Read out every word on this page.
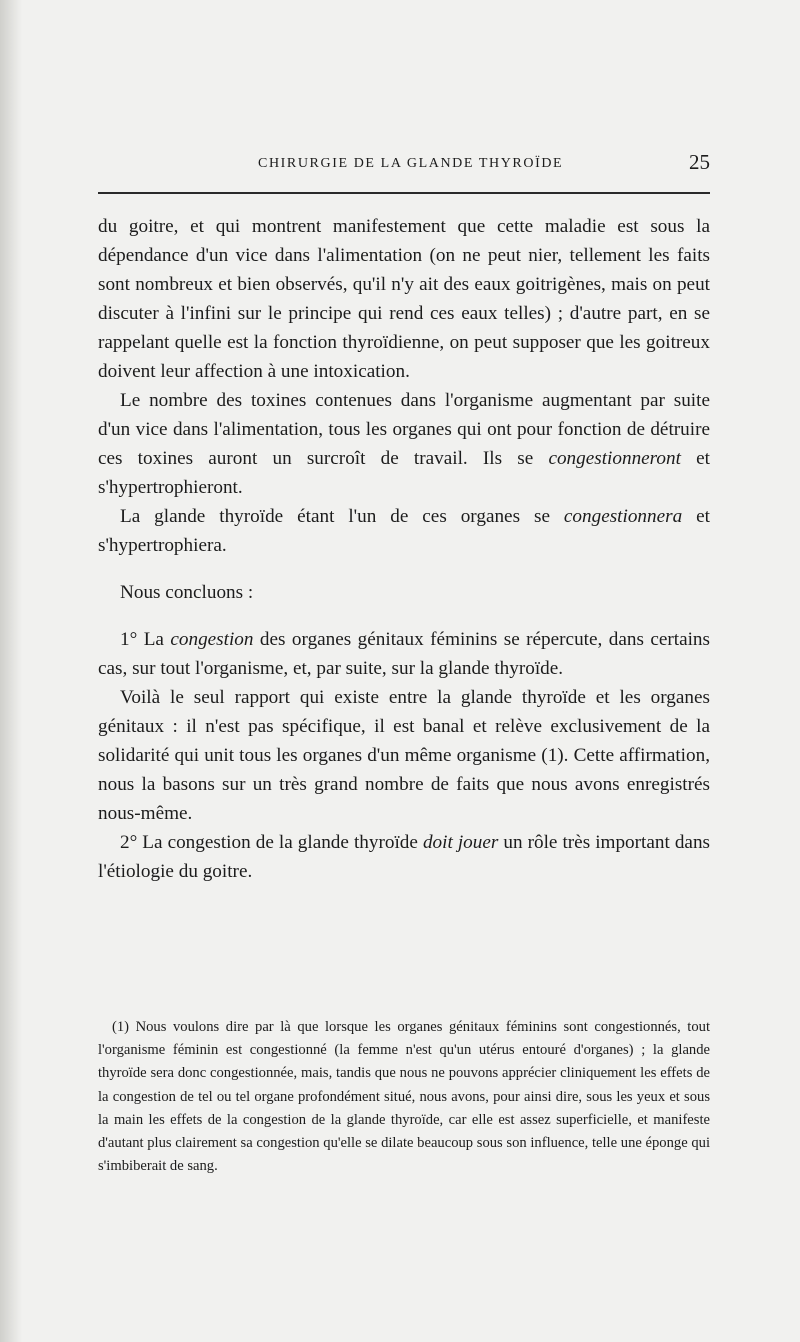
CHIRURGIE DE LA GLANDE THYROÏDE	25

du goitre, et qui montrent manifestement que cette maladie est sous la dépendance d'un vice dans l'alimentation (on ne peut nier, tellement les faits sont nombreux et bien observés, qu'il n'y ait des eaux goitrigènes, mais on peut discuter à l'infini sur le principe qui rend ces eaux telles) ; d'autre part, en se rappelant quelle est la fonction thyroïdienne, on peut supposer que les goitreux doivent leur affection à une intoxication.

Le nombre des toxines contenues dans l'organisme augmentant par suite d'un vice dans l'alimentation, tous les organes qui ont pour fonction de détruire ces toxines auront un surcroît de travail. Ils se congestionneront et s'hypertrophieront.

La glande thyroïde étant l'un de ces organes se congestionnera et s'hypertrophiera.

Nous concluons :

1° La congestion des organes génitaux féminins se répercute, dans certains cas, sur tout l'organisme, et, par suite, sur la glande thyroïde.

Voilà le seul rapport qui existe entre la glande thyroïde et les organes génitaux : il n'est pas spécifique, il est banal et relève exclusivement de la solidarité qui unit tous les organes d'un même organisme (1). Cette affirmation, nous la basons sur un très grand nombre de faits que nous avons enregistrés nous-même.

2° La congestion de la glande thyroïde doit jouer un rôle très important dans l'étiologie du goitre.

(1) Nous voulons dire par là que lorsque les organes génitaux féminins sont congestionnés, tout l'organisme féminin est congestionné (la femme n'est qu'un utérus entouré d'organes) ; la glande thyroïde sera donc congestionnée, mais, tandis que nous ne pouvons apprécier cliniquement les effets de la congestion de tel ou tel organe profondément situé, nous avons, pour ainsi dire, sous les yeux et sous la main les effets de la congestion de la glande thyroïde, car elle est assez superficielle, et manifeste d'autant plus clairement sa congestion qu'elle se dilate beaucoup sous son influence, telle une éponge qui s'imbiberait de sang.
